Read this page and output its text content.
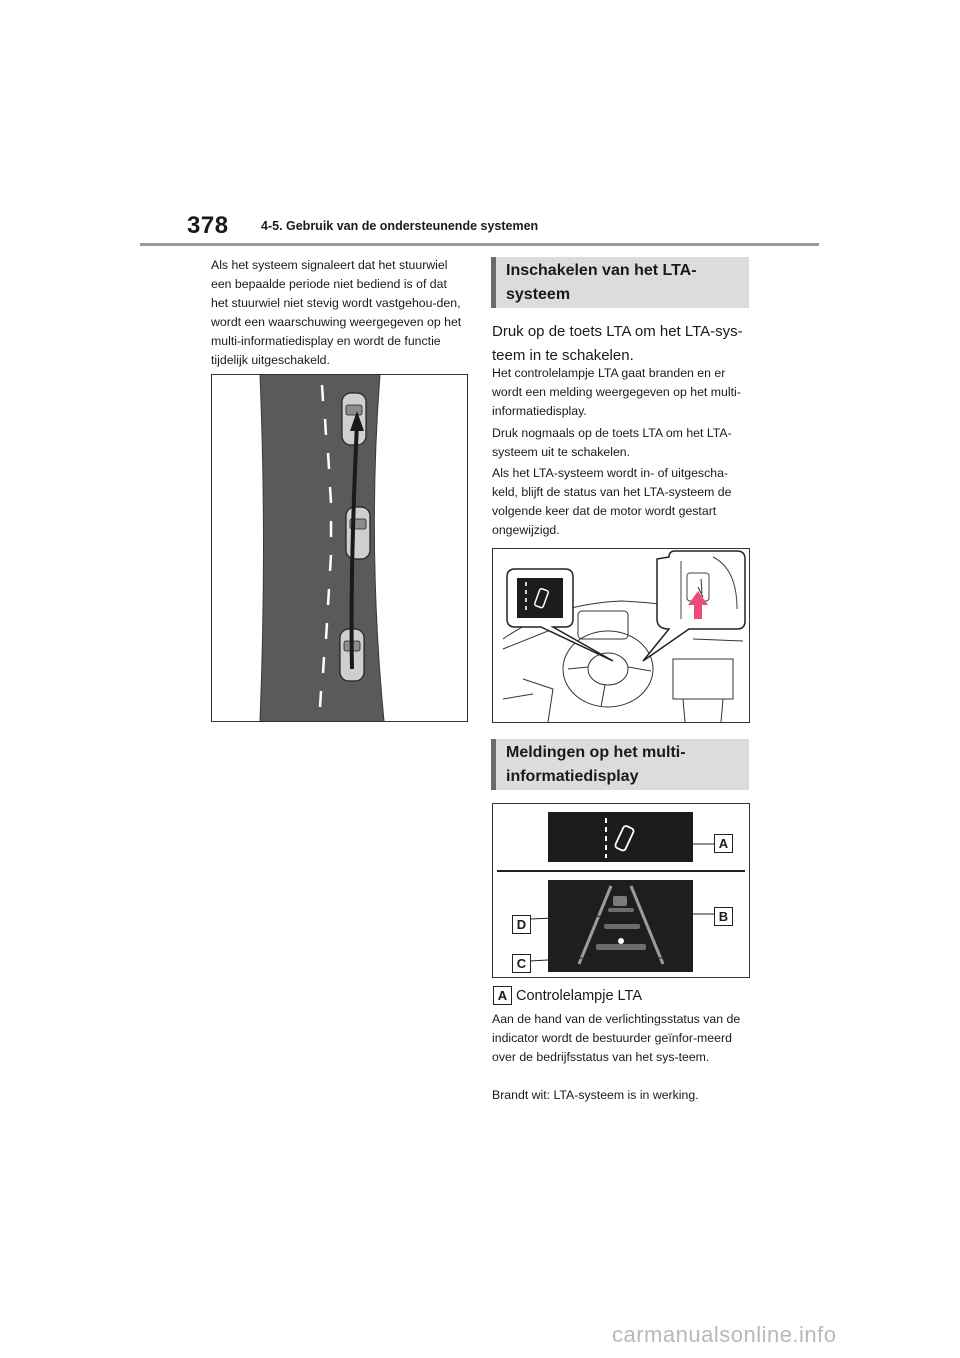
378	4-5. Gebruik van de ondersteunende systemen
Als het systeem signaleert dat het stuurwiel een bepaalde periode niet bediend is of dat het stuurwiel niet stevig wordt vastgehou-den, wordt een waarschuwing weergegeven op het multi-informatiedisplay en wordt de functie tijdelijk uitgeschakeld.
Inschakelen van het LTA-systeem
Druk op de toets LTA om het LTA-sys-teem in te schakelen.
Het controlelampje LTA gaat branden en er wordt een melding weergegeven op het multi-informatiedisplay.
Druk nogmaals op de toets LTA om het LTA-systeem uit te schakelen.
Als het LTA-systeem wordt in- of uitgescha-keld, blijft de status van het LTA-systeem de volgende keer dat de motor wordt gestart ongewijzigd.
Meldingen op het multi-informatiedisplay
A
B
D
C
A Controlelampje LTA
Aan de hand van de verlichtingsstatus van de indicator wordt de bestuurder geïnfor-meerd over de bedrijfsstatus van het sys-teem.
Brandt wit: LTA-systeem is in werking.
carmanualsonline.info
